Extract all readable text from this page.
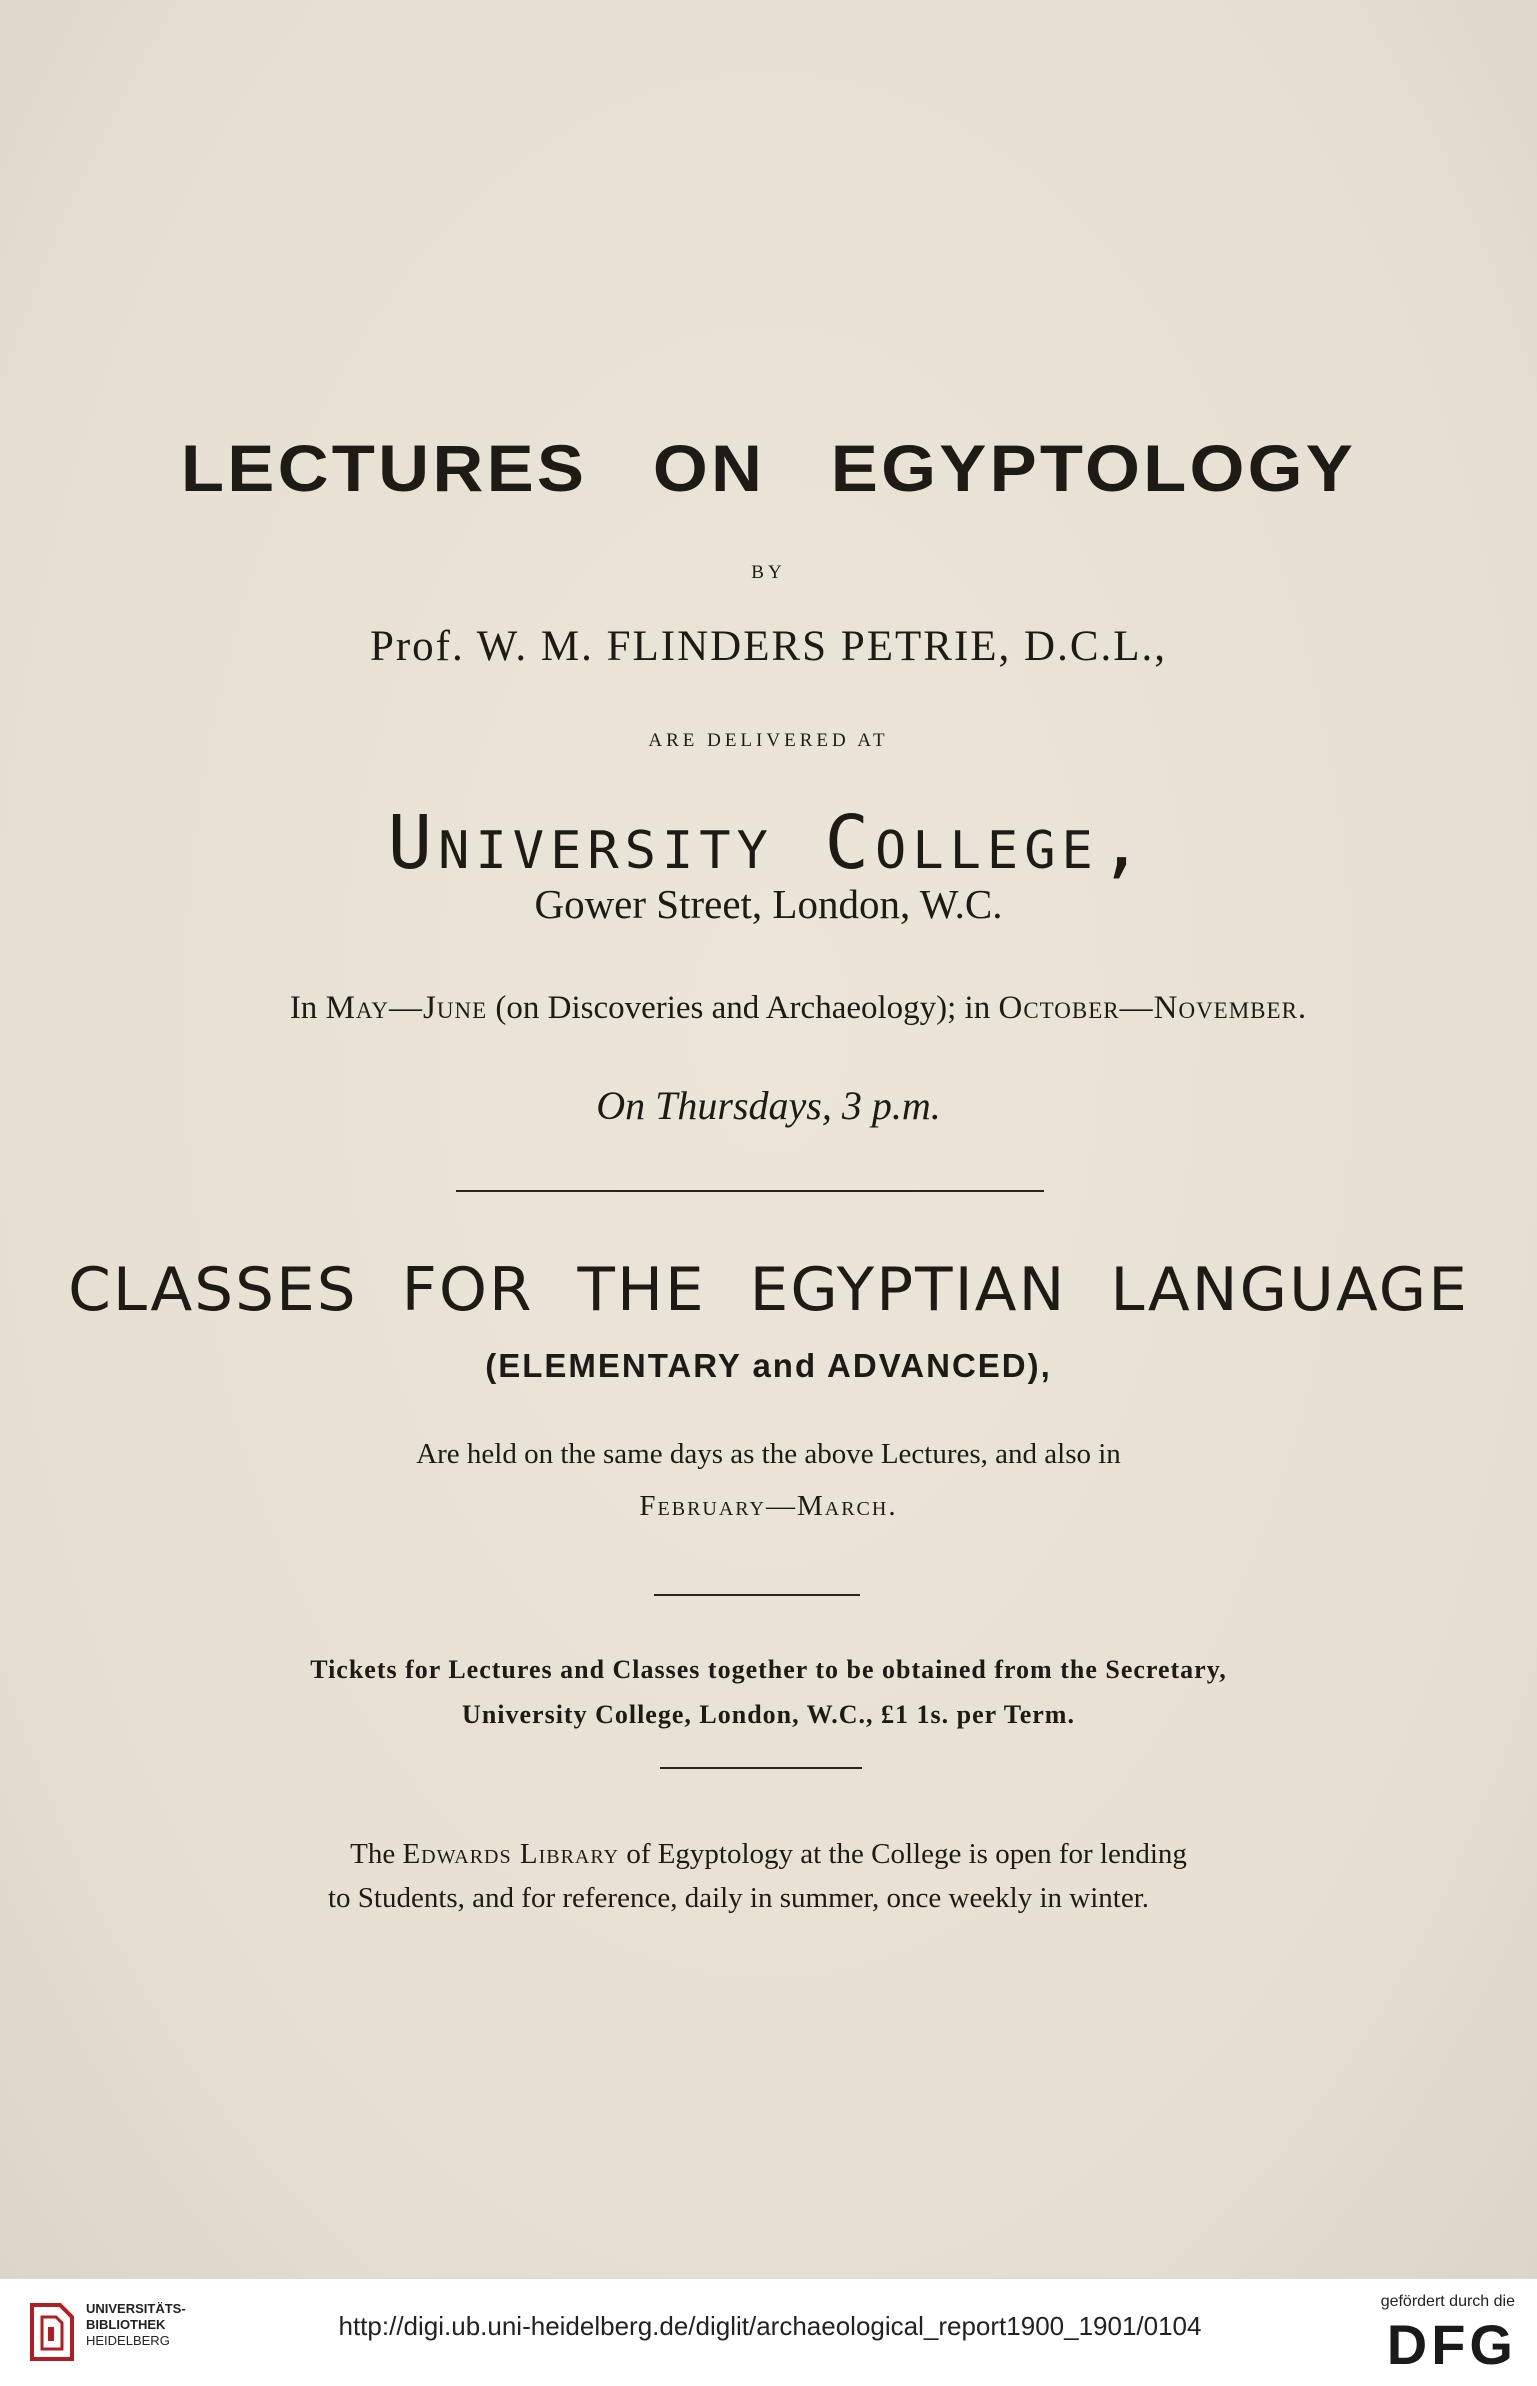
LECTURES ON EGYPTOLOGY
BY
Prof. W. M. FLINDERS PETRIE, D.C.L.,
ARE DELIVERED AT
University College,
Gower Street, London, W.C.
In May—June (on Discoveries and Archaeology); in October—November.
On Thursdays, 3 p.m.
CLASSES FOR THE EGYPTIAN LANGUAGE
(ELEMENTARY and ADVANCED),
Are held on the same days as the above Lectures, and also in
February—March.
Tickets for Lectures and Classes together to be obtained from the Secretary,
University College, London, W.C., £1 1s. per Term.
The Edwards Library of Egyptology at the College is open for lending
to Students, and for reference, daily in summer, once weekly in winter.
UNIVERSITÄTS-
BIBLIOTHEK
HEIDELBERG	http://digi.ub.uni-heidelberg.de/diglit/archaeological_report1900_1901/0104
gefördert durch die
DFG
